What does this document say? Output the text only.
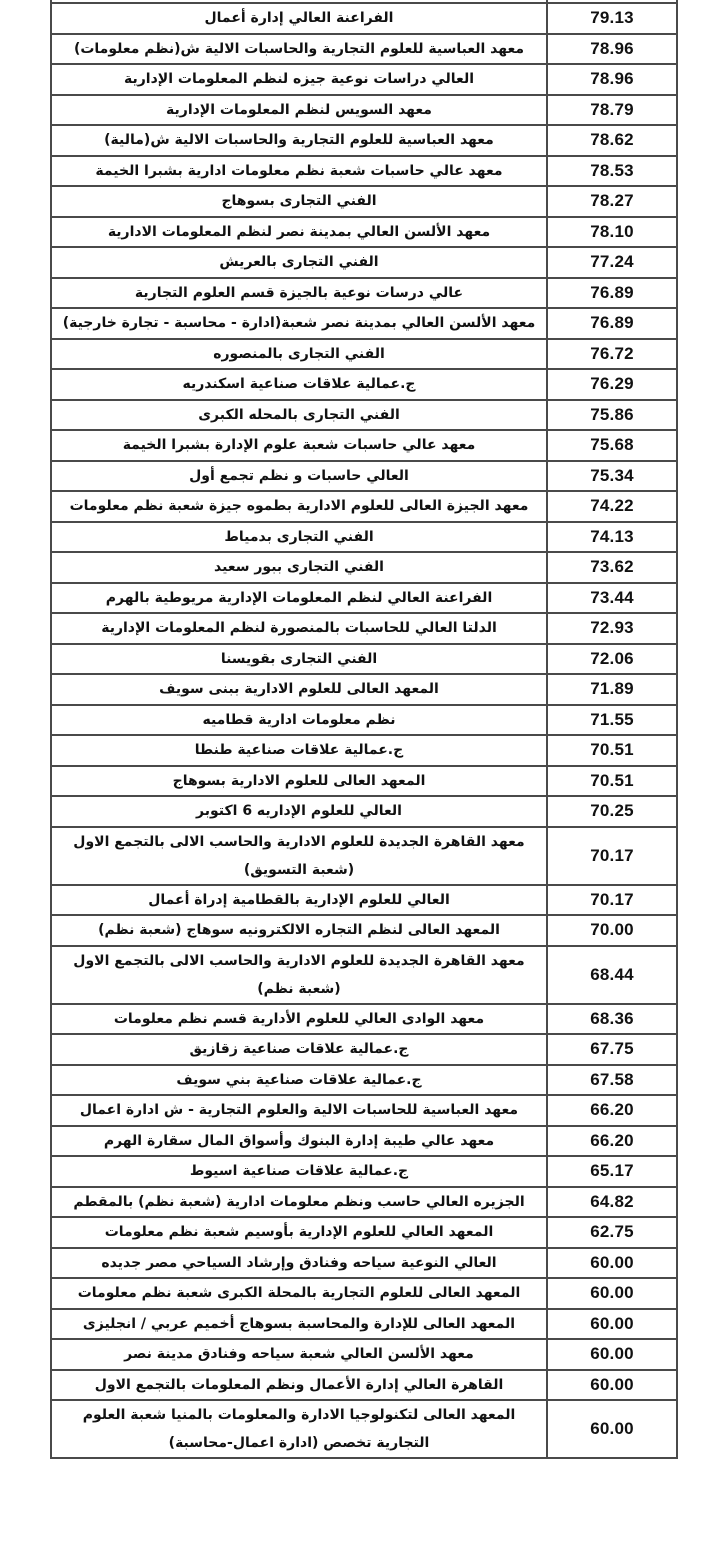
79.13	الفراعنة العالي إدارة أعمال
78.96	معهد العباسية للعلوم التجارية والحاسبات الالية ش(نظم معلومات)
78.96	العالي دراسات نوعية جيزه لنظم المعلومات الإدارية
78.79	معهد السويس لنظم المعلومات الإدارية
78.62	معهد العباسية للعلوم التجارية والحاسبات الالية ش(مالية)
78.53	معهد عالي حاسبات شعبة نظم معلومات ادارية بشبرا الخيمة
78.27	الفني التجارى بسوهاج
78.10	معهد الألسن العالي بمدينة نصر لنظم المعلومات الادارية
77.24	الفني التجارى بالعريش
76.89	عالي درسات نوعية بالجيزة قسم العلوم التجارية
76.89	معهد الألسن العالي بمدينة نصر شعبة(ادارة - محاسبة - تجارة خارجية)
76.72	الفني التجارى بالمنصوره
76.29	ج.عمالية علاقات صناعية اسكندريه
75.86	الفني التجارى بالمحله الكبرى
75.68	معهد عالي حاسبات شعبة علوم الإدارة بشبرا الخيمة
75.34	العالي حاسبات و نظم تجمع أول
74.22	معهد الجيزة العالى للعلوم الادارية بطموه جيزة شعبة نظم معلومات
74.13	الفني التجارى بدمياط
73.62	الفني التجارى ببور سعيد
73.44	الفراعنة العالي لنظم المعلومات الإدارية مريوطية بالهرم
72.93	الدلتا العالي للحاسبات بالمنصورة لنظم المعلومات الإدارية
72.06	الفني التجارى بقويسنا
71.89	المعهد العالى للعلوم الادارية ببنى سويف
71.55	نظم معلومات ادارية قطاميه
70.51	ج.عمالية علاقات صناعية طنطا
70.51	المعهد العالى للعلوم الادارية بسوهاج
70.25	العالي للعلوم الإداريه 6 اكتوبر
70.17	معهد القاهرة الجديدة للعلوم الادارية والحاسب الالى بالتجمع الاول (شعبة التسويق)
70.17	العالي للعلوم الإدارية بالقطامية إدراة أعمال
70.00	المعهد العالى لنظم التجاره الالكترونيه سوهاج (شعبة نظم)
68.44	معهد القاهرة الجديدة للعلوم الادارية والحاسب الالى بالتجمع الاول (شعبة نظم)
68.36	معهد الوادى العالي للعلوم الأدارية قسم نظم معلومات
67.75	ج.عمالية علاقات صناعية زقازيق
67.58	ج.عمالية علاقات صناعية بني سويف
66.20	معهد العباسية للحاسبات الالية والعلوم التجارية - ش ادارة اعمال
66.20	معهد عالي طيبة إدارة البنوك وأسواق المال سقارة الهرم
65.17	ج.عمالية علاقات صناعية اسيوط
64.82	الجزيره العالي حاسب ونظم معلومات ادارية (شعبة نظم) بالمقطم
62.75	المعهد العالي للعلوم الإدارية بأوسيم شعبة نظم معلومات
60.00	العالي النوعية سياحه وفنادق وإرشاد السياحي مصر جديده
60.00	المعهد العالى للعلوم التجارية بالمحلة الكبرى شعبة نظم معلومات
60.00	المعهد العالى للإدارة والمحاسبة بسوهاج أخميم عربي / انجليزى
60.00	معهد الألسن العالي شعبة سياحه وفنادق مدينة نصر
60.00	القاهرة العالي إدارة الأعمال ونظم المعلومات بالتجمع الاول
60.00	المعهد العالى لتكنولوجيا الادارة والمعلومات بالمنيا شعبة العلوم التجارية تخصص (ادارة اعمال-محاسبة)
